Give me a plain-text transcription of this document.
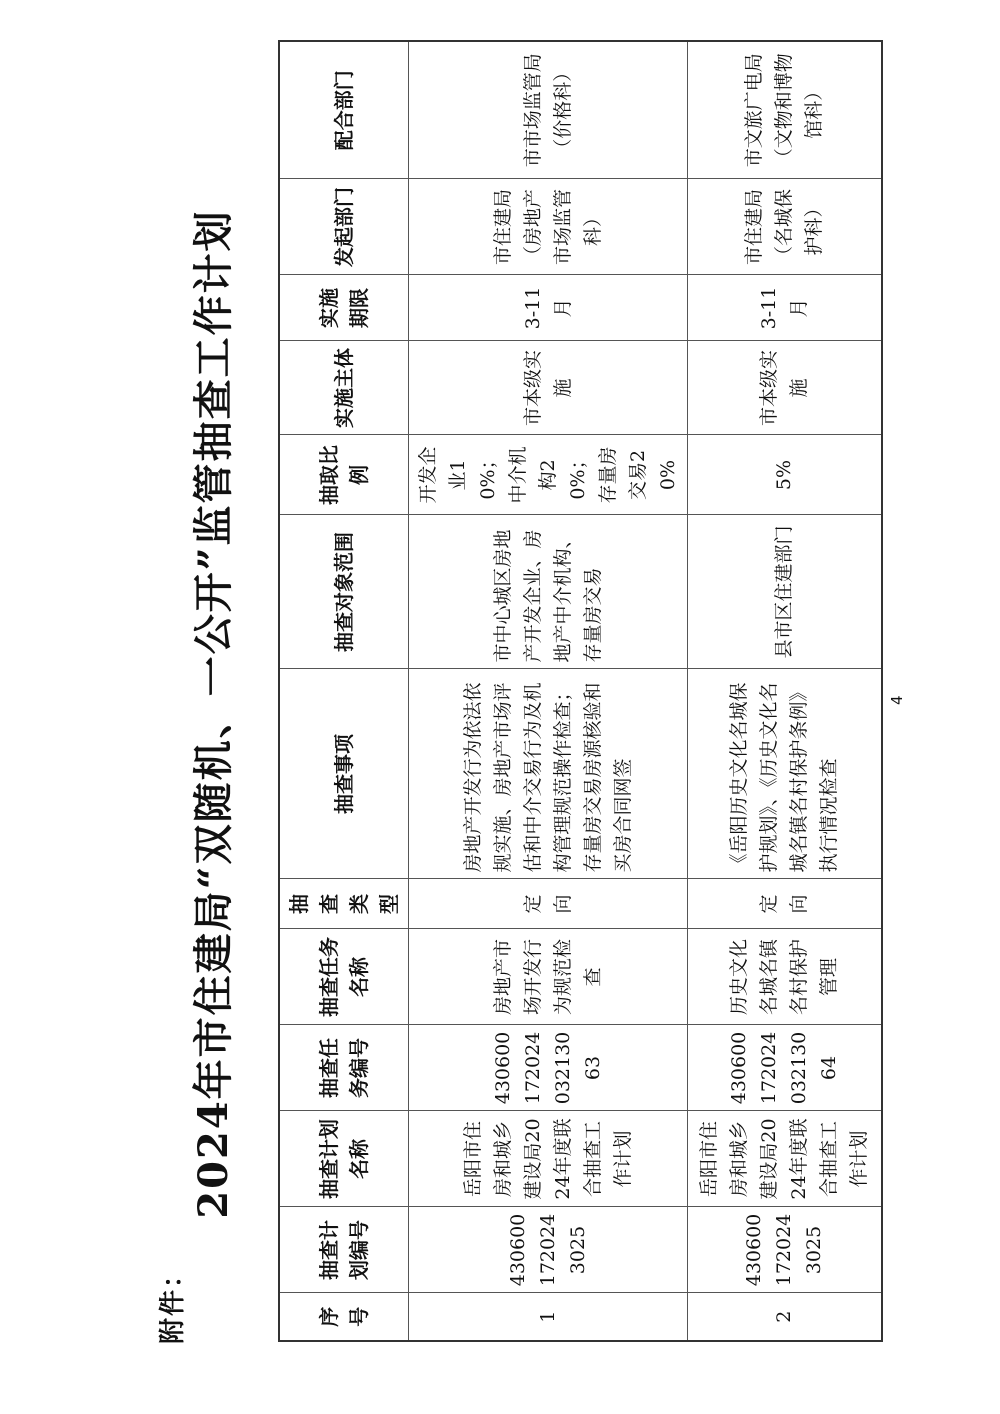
附件：
2024年市住建局“双随机、一公开”监管抽查工作计划
序号	抽查计划编号	抽查计划名称	抽查任务编号	抽查任务名称	抽查类型	抽查事项	抽查对象范围	抽取比例	实施主体	实施期限	发起部门	配合部门
1	4306001720243025	岳阳市住房和城乡建设局2024年度联合抽查工作计划	43060017202403213063	房地产市场开发行为规范检查	定向	房地产开发行为依法依规实施、房地产市场评估和中介交易行为及机构管理规范操作检查；存量房交易房源核验和买房合同网签	市中心城区房地产开发企业、房地产中介机构、存量房交易	开发企业10%；中介机构20%；存量房交易20%	市本级实施	3-11月	市住建局（房地产市场监管科）	市市场监管局（价格科）
2	4306001720243025	岳阳市住房和城乡建设局2024年度联合抽查工作计划	43060017202403213064	历史文化名城名镇名村保护管理	定向	《岳阳历史文化名城保护规划》、《历史文化名城名镇名村保护条例》执行情况检查	县市区住建部门	5%	市本级实施	3-11月	市住建局（名城保护科）	市文旅广电局（文物和博物馆科）
4
